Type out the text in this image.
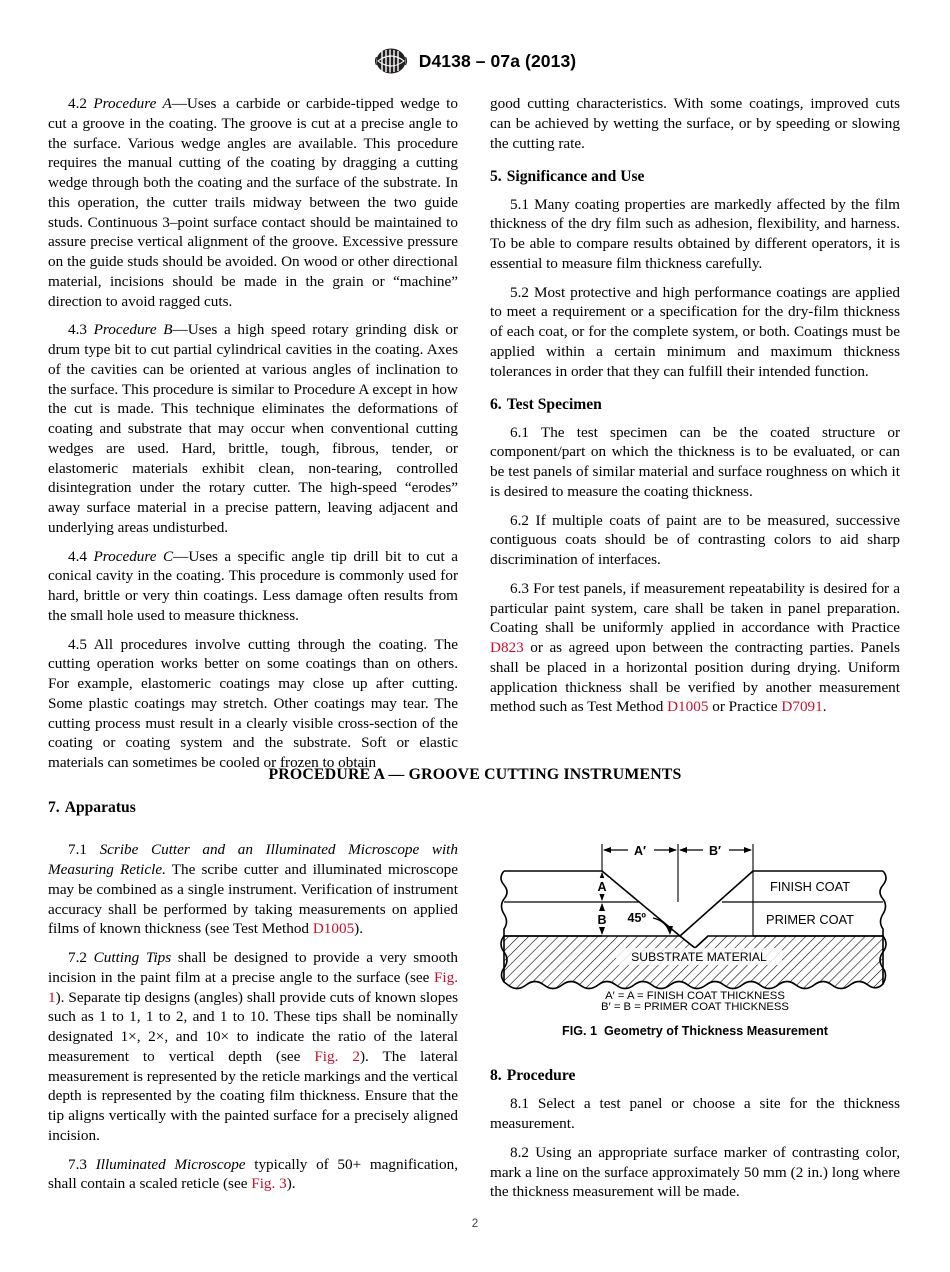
D4138 – 07a (2013)

4.2 Procedure A—Uses a carbide or carbide-tipped wedge to cut a groove in the coating. The groove is cut at a precise angle to the surface. Various wedge angles are available. This procedure requires the manual cutting of the coating by dragging a cutting wedge through both the coating and the surface of the substrate. In this operation, the cutter trails midway between the two guide studs. Continuous 3–point surface contact should be maintained to assure precise vertical alignment of the groove. Excessive pressure on the guide studs should be avoided. On wood or other directional material, incisions should be made in the grain or “machine” direction to avoid ragged cuts.

4.3 Procedure B—Uses a high speed rotary grinding disk or drum type bit to cut partial cylindrical cavities in the coating. Axes of the cavities can be oriented at various angles of inclination to the surface. This procedure is similar to Procedure A except in how the cut is made. This technique eliminates the deformations of coating and substrate that may occur when conventional cutting wedges are used. Hard, brittle, tough, fibrous, tender, or elastomeric materials exhibit clean, non-tearing, controlled disintegration under the rotary cutter. The high-speed “erodes” away surface material in a precise pattern, leaving adjacent and underlying areas undisturbed.

4.4 Procedure C—Uses a specific angle tip drill bit to cut a conical cavity in the coating. This procedure is commonly used for hard, brittle or very thin coatings. Less damage often results from the small hole used to measure thickness.

4.5 All procedures involve cutting through the coating. The cutting operation works better on some coatings than on others. For example, elastomeric coatings may close up after cutting. Some plastic coatings may stretch. Other coatings may tear. The cutting process must result in a clearly visible cross-section of the coating or coating system and the substrate. Soft or elastic materials can sometimes be cooled or frozen to obtain

good cutting characteristics. With some coatings, improved cuts can be achieved by wetting the surface, or by speeding or slowing the cutting rate.

5. Significance and Use

5.1 Many coating properties are markedly affected by the film thickness of the dry film such as adhesion, flexibility, and harness. To be able to compare results obtained by different operators, it is essential to measure film thickness carefully.

5.2 Most protective and high performance coatings are applied to meet a requirement or a specification for the dry-film thickness of each coat, or for the complete system, or both. Coatings must be applied within a certain minimum and maximum thickness tolerances in order that they can fulfill their intended function.

6. Test Specimen

6.1 The test specimen can be the coated structure or component/part on which the thickness is to be evaluated, or can be test panels of similar material and surface roughness on which it is desired to measure the coating thickness.

6.2 If multiple coats of paint are to be measured, successive contiguous coats should be of contrasting colors to aid sharp discrimination of interfaces.

6.3 For test panels, if measurement repeatability is desired for a particular paint system, care shall be taken in panel preparation. Coating shall be uniformly applied in accordance with Practice D823 or as agreed upon between the contracting parties. Panels shall be placed in a horizontal position during drying. Uniform application thickness shall be verified by another measurement method such as Test Method D1005 or Practice D7091.

PROCEDURE A — GROOVE CUTTING INSTRUMENTS
7. Apparatus

7.1 Scribe Cutter and an Illuminated Microscope with Measuring Reticle. The scribe cutter and illuminated microscope may be combined as a single instrument. Verification of instrument accuracy shall be performed by taking measurements on applied films of known thickness (see Test Method D1005).

7.2 Cutting Tips shall be designed to provide a very smooth incision in the paint film at a precise angle to the surface (see Fig. 1). Separate tip designs (angles) shall provide cuts of known slopes such as 1 to 1, 1 to 2, and 1 to 10. These tips shall be nominally designated 1×, 2×, and 10× to indicate the ratio of the lateral measurement to vertical depth (see Fig. 2). The lateral measurement is represented by the reticle markings and the vertical depth is represented by the coating film thickness. Ensure that the tip aligns vertically with the painted surface for a precisely aligned incision.

7.3 Illuminated Microscope typically of 50+ magnification, shall contain a scaled reticle (see Fig. 3).

A′	B′
A
B 45º
FINISH COAT
PRIMER COAT
SUBSTRATE MATERIAL
A′ = A = FINISH COAT THICKNESS
B′ = B = PRIMER COAT THICKNESS
FIG. 1 Geometry of Thickness Measurement
8. Procedure

8.1 Select a test panel or choose a site for the thickness measurement.

8.2 Using an appropriate surface marker of contrasting color, mark a line on the surface approximately 50 mm (2 in.) long where the thickness measurement will be made.

2
